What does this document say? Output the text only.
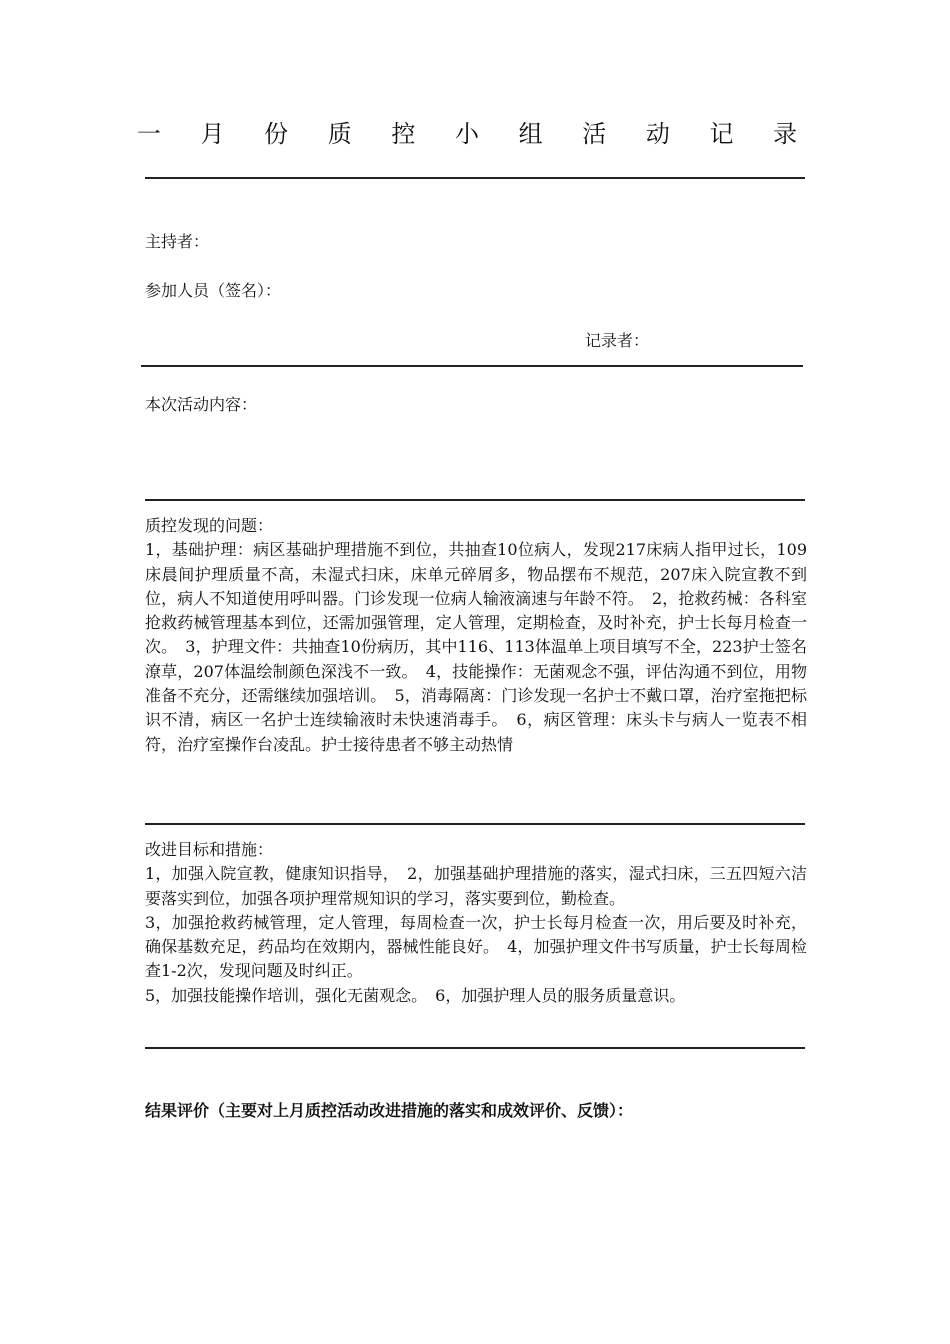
一 月 份 质 控 小 组 活 动 记 录
主持者：
参加人员（签名）：
记录者：
本次活动内容：

质控发现的问题：

1，基础护理：病区基础护理措施不到位，共抽查10位病人，发现217床病人指甲过长，109床晨间护理质量不高，未湿式扫床，床单元碎屑多，物品摆布不规范，207床入院宣教不到位，病人不知道使用呼叫器。门诊发现一位病人输液滴速与年龄不符。　2，抢救药械：各科室抢救药械管理基本到位，还需加强管理，定人管理，定期检查，及时补充，护士长每月检查一次。　3，护理文件：共抽查10份病历，其中116、113体温单上项目填写不全，223护士签名潦草，207体温绘制颜色深浅不一致。　4，技能操作：无菌观念不强，评估沟通不到位，用物准备不充分，还需继续加强培训。　5，消毒隔离：门诊发现一名护士不戴口罩，治疗室拖把标识不清，病区一名护士连续输液时未快速消毒手。　6，病区管理：床头卡与病人一览表不相符，治疗室操作台凌乱。护士接待患者不够主动热情

改进目标和措施：

1，加强入院宣教，健康知识指导，　2，加强基础护理措施的落实，湿式扫床，三五四短六洁要落实到位，加强各项护理常规知识的学习，落实要到位，勤检查。

3，加强抢救药械管理，定人管理，每周检查一次，护士长每月检查一次，用后要及时补充，确保基数充足，药品均在效期内，器械性能良好。　4，加强护理文件书写质量，护士长每周检查1-2次，发现问题及时纠正。

5，加强技能操作培训，强化无菌观念。　6，加强护理人员的服务质量意识。

结果评价（主要对上月质控活动改进措施的落实和成效评价、反馈）：
